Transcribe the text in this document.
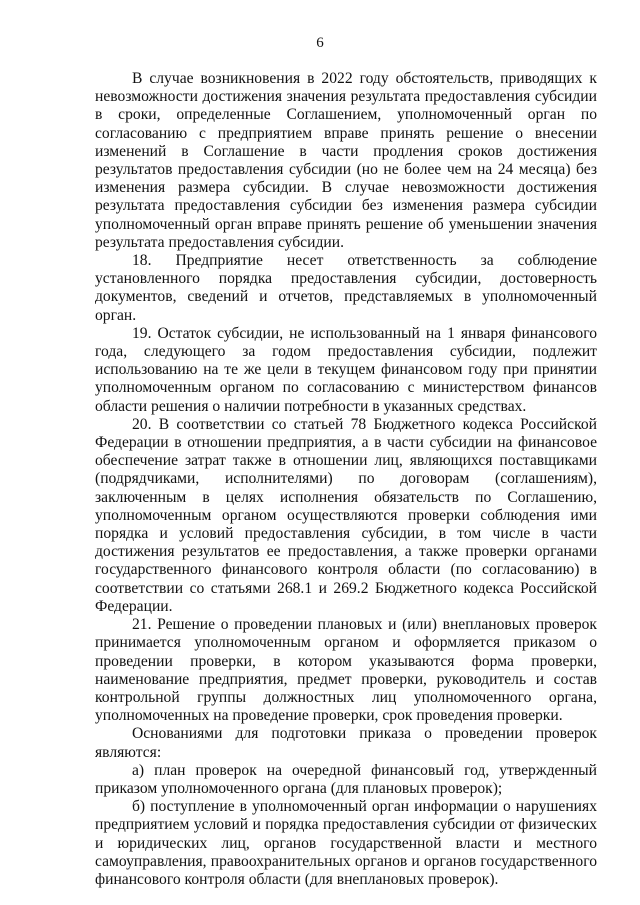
6

В случае возникновения в 2022 году обстоятельств, приводящих к невозможности достижения значения результата предоставления субсидии в сроки, определенные Соглашением, уполномоченный орган по согласованию с предприятием вправе принять решение о внесении изменений в Соглашение в части продления сроков достижения результатов предоставления субсидии (но не более чем на 24 месяца) без изменения размера субсидии. В случае невозможности достижения результата предоставления субсидии без изменения размера субсидии уполномоченный орган вправе принять решение об уменьшении значения результата предоставления субсидии.

18. Предприятие несет ответственность за соблюдение установленного порядка предоставления субсидии, достоверность документов, сведений и отчетов, представляемых в уполномоченный орган.

19. Остаток субсидии, не использованный на 1 января финансового года, следующего за годом предоставления субсидии, подлежит использованию на те же цели в текущем финансовом году при принятии уполномоченным органом по согласованию с министерством финансов области решения о наличии потребности в указанных средствах.

20. В соответствии со статьей 78 Бюджетного кодекса Российской Федерации в отношении предприятия, а в части субсидии на финансовое обеспечение затрат также в отношении лиц, являющихся поставщиками (подрядчиками, исполнителями) по договорам (соглашениям), заключенным в целях исполнения обязательств по Соглашению, уполномоченным органом осуществляются проверки соблюдения ими порядка и условий предоставления субсидии, в том числе в части достижения результатов ее предоставления, а также проверки органами государственного финансового контроля области (по согласованию) в соответствии со статьями 268.1 и 269.2 Бюджетного кодекса Российской Федерации.

21. Решение о проведении плановых и (или) внеплановых проверок принимается уполномоченным органом и оформляется приказом о проведении проверки, в котором указываются форма проверки, наименование предприятия, предмет проверки, руководитель и состав контрольной группы должностных лиц уполномоченного органа, уполномоченных на проведение проверки, срок проведения проверки.

Основаниями для подготовки приказа о проведении проверок являются:

а) план проверок на очередной финансовый год, утвержденный приказом уполномоченного органа (для плановых проверок);

б) поступление в уполномоченный орган информации о нарушениях предприятием условий и порядка предоставления субсидии от физических и юридических лиц, органов государственной власти и местного самоуправления, правоохранительных органов и органов государственного финансового контроля области (для внеплановых проверок).
